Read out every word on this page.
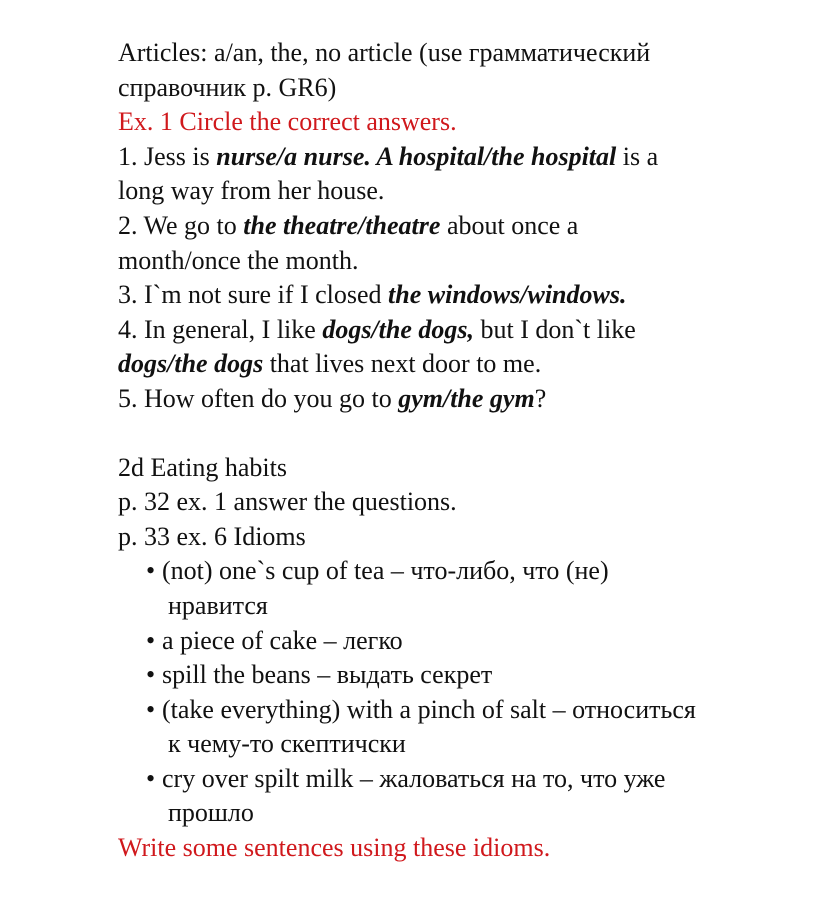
Articles: a/an, the, no article (use грамматический
справочник р. GR6)
Ex. 1 Circle the correct answers.
1. Jess is nurse/a nurse. A hospital/the hospital is a
long way from her house.
2. We go to the theatre/theatre about once a
month/once the month.
3. I`m not sure if I closed the windows/windows.
4. In general, I like dogs/the dogs, but I don`t like
dogs/the dogs that lives next door to me.
5. How often do you go to gym/the gym?
2d Eating habits
p. 32 ex. 1 answer the questions.
p. 33 ex. 6 Idioms
• (not) one`s cup of tea – что-либо, что (не)
нравится
• a piece of cake – легко
• spill the beans – выдать секрет
• (take everything) with a pinch of salt – относиться
к чему-то скептичски
• cry over spilt milk – жаловаться на то, что уже
прошло
Write some sentences using these idioms.
